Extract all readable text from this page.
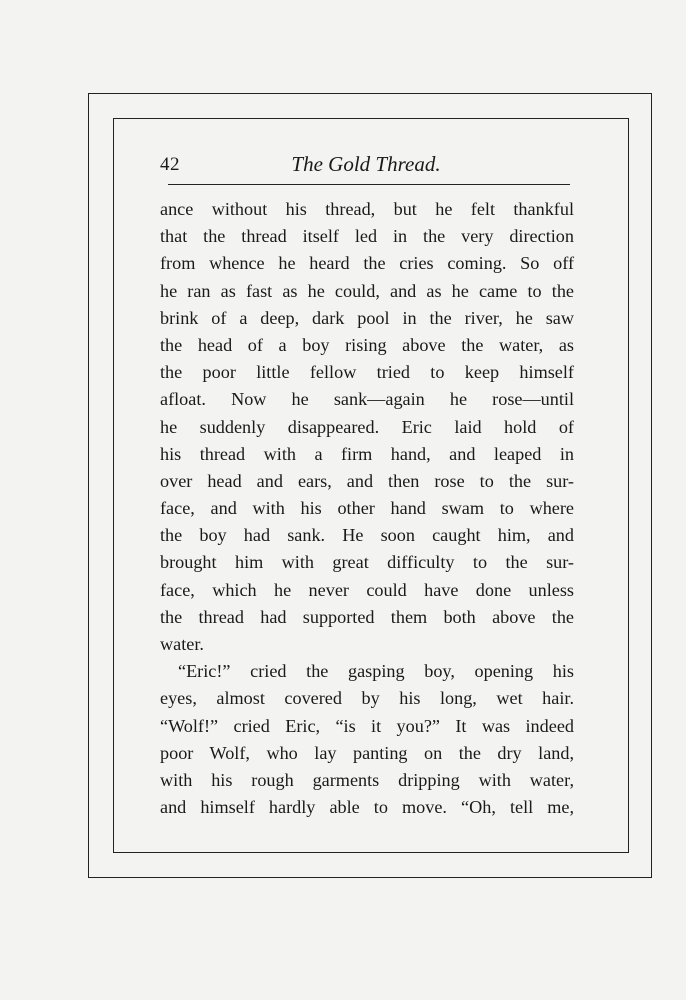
42	The Gold Thread.
ance without his thread, but he felt thankful
that the thread itself led in the very direction
from whence he heard the cries coming. So off
he ran as fast as he could, and as he came to the
brink of a deep, dark pool in the river, he saw
the head of a boy rising above the water, as
the poor little fellow tried to keep himself
afloat. Now he sank—again he rose—until
he suddenly disappeared. Eric laid hold of
his thread with a firm hand, and leaped in
over head and ears, and then rose to the sur-
face, and with his other hand swam to where
the boy had sank. He soon caught him, and
brought him with great difficulty to the sur-
face, which he never could have done unless
the thread had supported them both above the
water.
“Eric!” cried the gasping boy, opening his
eyes, almost covered by his long, wet hair.
“Wolf!” cried Eric, “is it you?” It was indeed
poor Wolf, who lay panting on the dry land,
with his rough garments dripping with water,
and himself hardly able to move. “Oh, tell me,
